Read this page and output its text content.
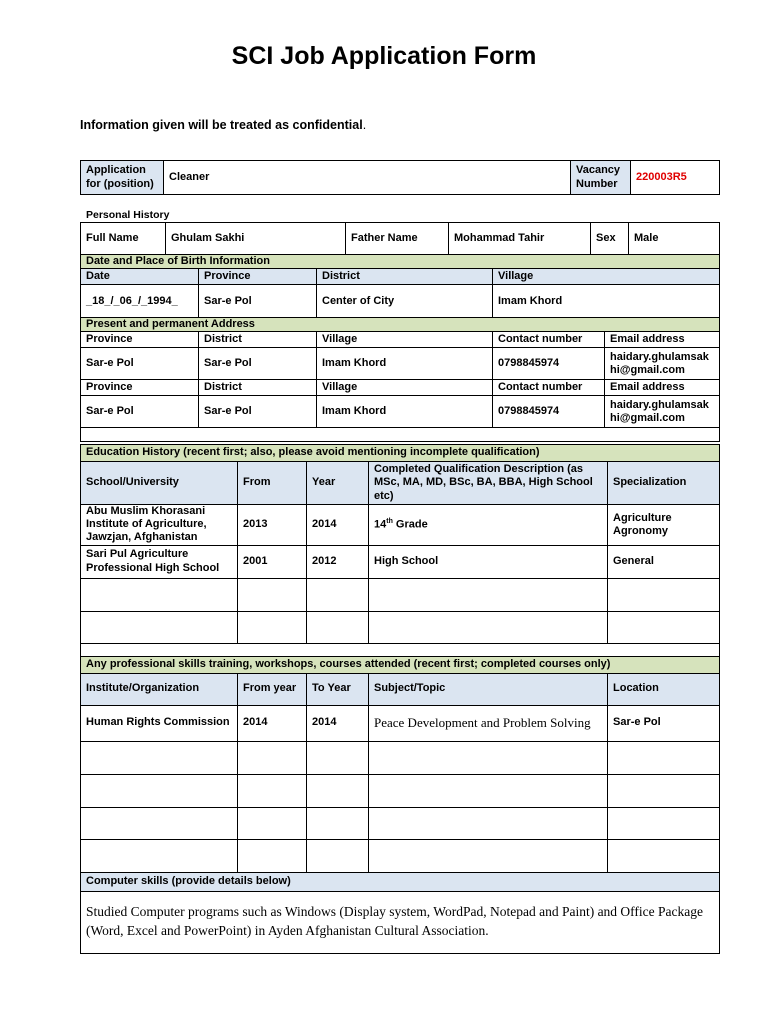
SCI Job Application Form
Information given will be treated as confidential.
Application for (position)	Cleaner	Vacancy Number	220003R5
Personal History
Full Name	Ghulam Sakhi	Father Name	Mohammad Tahir	Sex	Male
Date and Place of Birth Information				
Date	Province	District	Village	
_18_/_06_/_1994_	Sar-e Pol	Center of City	Imam Khord	
Present and permanent Address				
Province	District	Village	Contact number	Email address
Sar-e Pol	Sar-e Pol	Imam Khord	0798845974	haidary.ghulamsakhi@gmail.com
Province	District	Village	Contact number	Email address
Sar-e Pol	Sar-e Pol	Imam Khord	0798845974	haidary.ghulamsakhi@gmail.com

Education History (recent first; also, please avoid mentioning incomplete qualification)				
School/University	From	Year	Completed Qualification Description (as MSc, MA, MD, BSc, BA, BBA, High School etc)	Specialization
Abu Muslim Khorasani Institute of Agriculture, Jawzjan, Afghanistan	2013	2014	14th Grade	Agriculture Agronomy
Sari Pul Agriculture Professional High School	2001	2012	High School	General

Any professional skills training, workshops, courses attended (recent first; completed courses only)				
Institute/Organization	From year	To Year	Subject/Topic	Location
Human Rights Commission	2014	2014	Peace Development and Problem Solving	Sar-e Pol

Computer skills (provide details below)				
Studied Computer programs such as Windows (Display system, WordPad, Notepad and Paint) and Office Package (Word, Excel and PowerPoint) in Ayden Afghanistan Cultural Association.				
